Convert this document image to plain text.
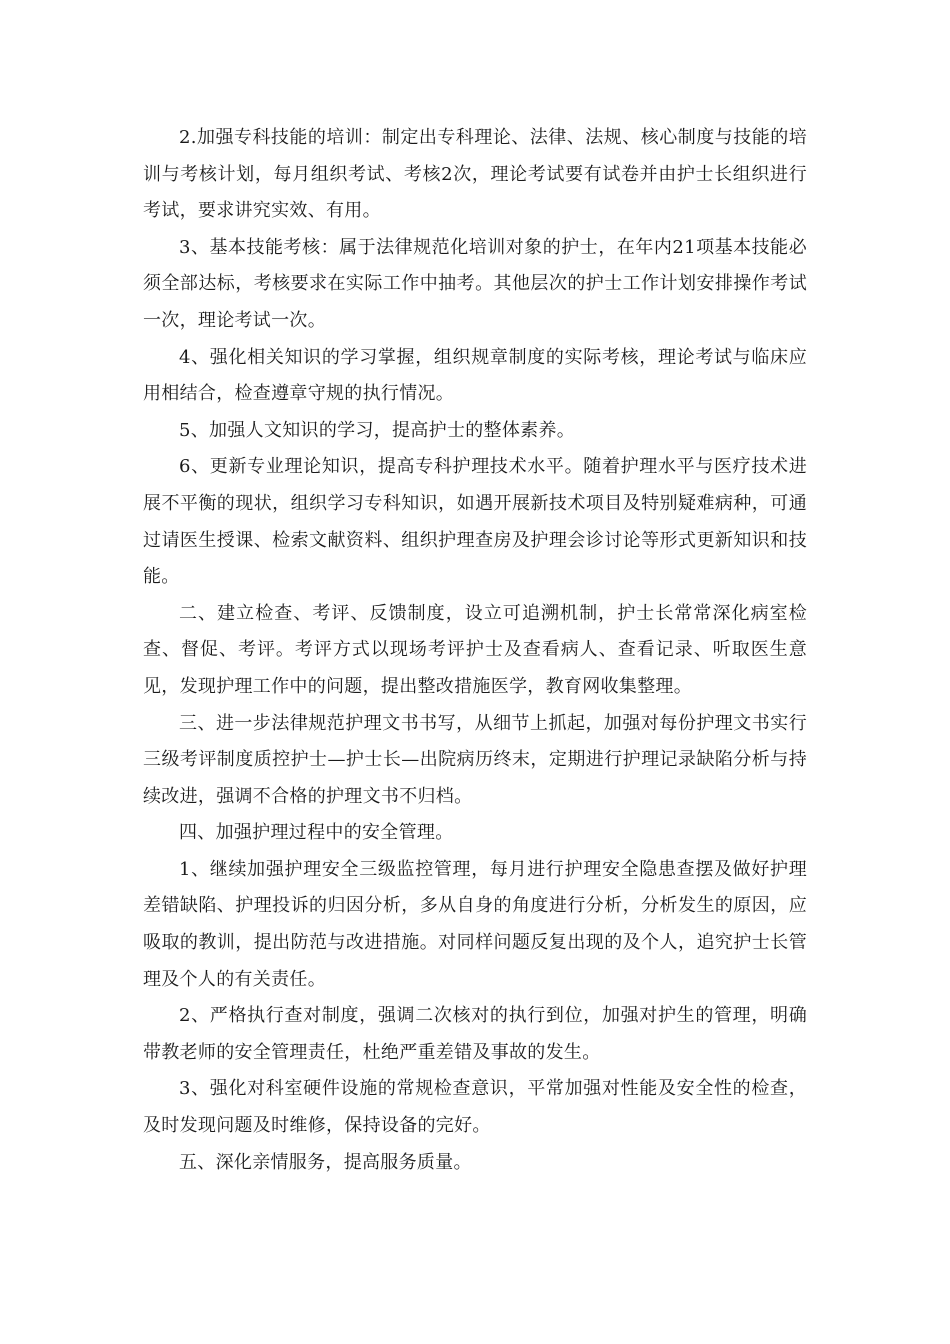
2.加强专科技能的培训：制定出专科理论、法律、法规、核心制度与技能的培训与考核计划，每月组织考试、考核2次，理论考试要有试卷并由护士长组织进行考试，要求讲究实效、有用。

3、基本技能考核：属于法律规范化培训对象的护士，在年内21项基本技能必须全部达标，考核要求在实际工作中抽考。其他层次的护士工作计划安排操作考试一次，理论考试一次。

4、强化相关知识的学习掌握，组织规章制度的实际考核，理论考试与临床应用相结合，检查遵章守规的执行情况。

5、加强人文知识的学习，提高护士的整体素养。

6、更新专业理论知识，提高专科护理技术水平。随着护理水平与医疗技术进展不平衡的现状，组织学习专科知识，如遇开展新技术项目及特别疑难病种，可通过请医生授课、检索文献资料、组织护理查房及护理会诊讨论等形式更新知识和技能。

二、建立检查、考评、反馈制度，设立可追溯机制，护士长常常深化病室检查、督促、考评。考评方式以现场考评护士及查看病人、查看记录、听取医生意见，发现护理工作中的问题，提出整改措施医学，教育网收集整理。

三、进一步法律规范护理文书书写，从细节上抓起，加强对每份护理文书实行三级考评制度质控护士—护士长—出院病历终末，定期进行护理记录缺陷分析与持续改进，强调不合格的护理文书不归档。

四、加强护理过程中的安全管理。

1、继续加强护理安全三级监控管理，每月进行护理安全隐患查摆及做好护理差错缺陷、护理投诉的归因分析，多从自身的角度进行分析，分析发生的原因，应吸取的教训，提出防范与改进措施。对同样问题反复出现的及个人，追究护士长管理及个人的有关责任。

2、严格执行查对制度，强调二次核对的执行到位，加强对护生的管理，明确带教老师的安全管理责任，杜绝严重差错及事故的发生。

3、强化对科室硬件设施的常规检查意识，平常加强对性能及安全性的检查，及时发现问题及时维修，保持设备的完好。

五、深化亲情服务，提高服务质量。
